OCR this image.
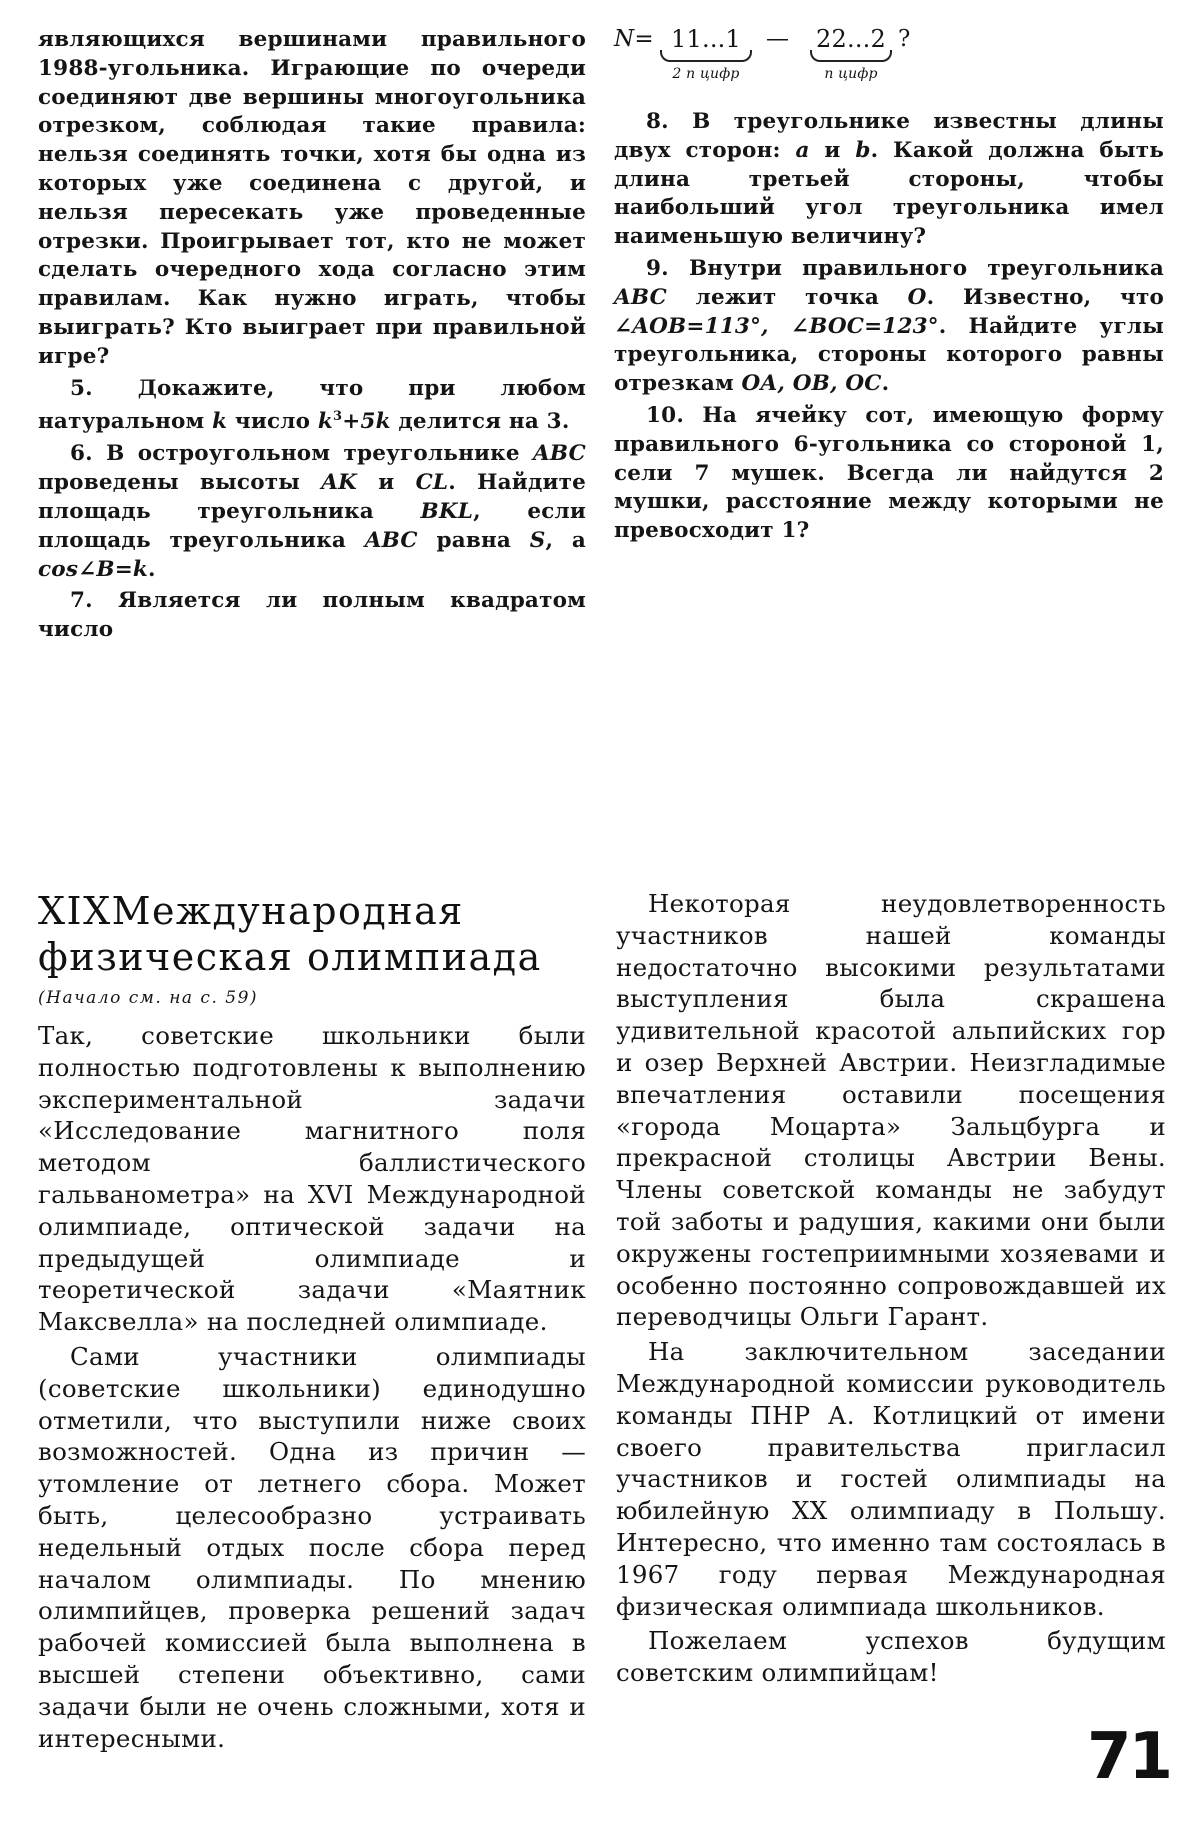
являющихся вершинами правильного 1988-угольника. Играющие по очереди соединяют две вершины многоугольника отрезком, соблюдая такие правила: нельзя соединять точки, хотя бы одна из которых уже соединена с другой, и нельзя пересекать уже проведенные отрезки. Проигрывает тот, кто не может сделать очередного хода согласно этим правилам. Как нужно играть, чтобы выиграть? Кто выиграет при правильной игре?

5. Докажите, что при любом натуральном k число $k^3+5k$ делится на 3.

6. В остроугольном треугольнике ABC проведены высоты AK и CL. Найдите площадь треугольника BKL, если площадь треугольника ABC равна S, а cos∠B=k.

7. Является ли полным квадратом число

N= 11...1
2 n цифр
— 22...2
n цифр
?

8. В треугольнике известны длины двух сторон: a и b. Какой должна быть длина третьей стороны, чтобы наибольший угол треугольника имел наименьшую величину?

9. Внутри правильного треугольника ABC лежит точка O. Известно, что ∠AOB=113°, ∠BOC=123°. Найдите углы треугольника, стороны которого равны отрезкам OA, OB, OC.

10. На ячейку сот, имеющую форму правильного 6-угольника со стороной 1, сели 7 мушек. Всегда ли найдутся 2 мушки, расстояние между которыми не превосходит 1?

XIXМеждународная
физическая олимпиада

(Начало см. на с. 59)

Так, советские школьники были полностью подготовлены к выполнению экспериментальной задачи «Исследование магнитного поля методом баллистического гальванометра» на XVI Международной олимпиаде, оптической задачи на предыдущей олимпиаде и теоретической задачи «Маятник Максвелла» на последней олимпиаде.

Сами участники олимпиады (советские школьники) единодушно отметили, что выступили ниже своих возможностей. Одна из причин — утомление от летнего сбора. Может быть, целесообразно устраивать недельный отдых после сбора перед началом олимпиады. По мнению олимпийцев, проверка решений задач рабочей комиссией была выполнена в высшей степени объективно, сами задачи были не очень сложными, хотя и интересными.

Некоторая неудовлетворенность участников нашей команды недостаточно высокими результатами выступления была скрашена удивительной красотой альпийских гор и озер Верхней Австрии. Неизгладимые впечатления оставили посещения «города Моцарта» Зальцбурга и прекрасной столицы Австрии Вены. Члены советской команды не забудут той заботы и радушия, какими они были окружены гостеприимными хозяевами и особенно постоянно сопровождавшей их переводчицы Ольги Гарант.

На заключительном заседании Международной комиссии руководитель команды ПНР А. Котлицкий от имени своего правительства пригласил участников и гостей олимпиады на юбилейную XX олимпиаду в Польшу. Интересно, что именно там состоялась в 1967 году первая Международная физическая олимпиада школьников.

Пожелаем успехов будущим советским олимпийцам!

71
